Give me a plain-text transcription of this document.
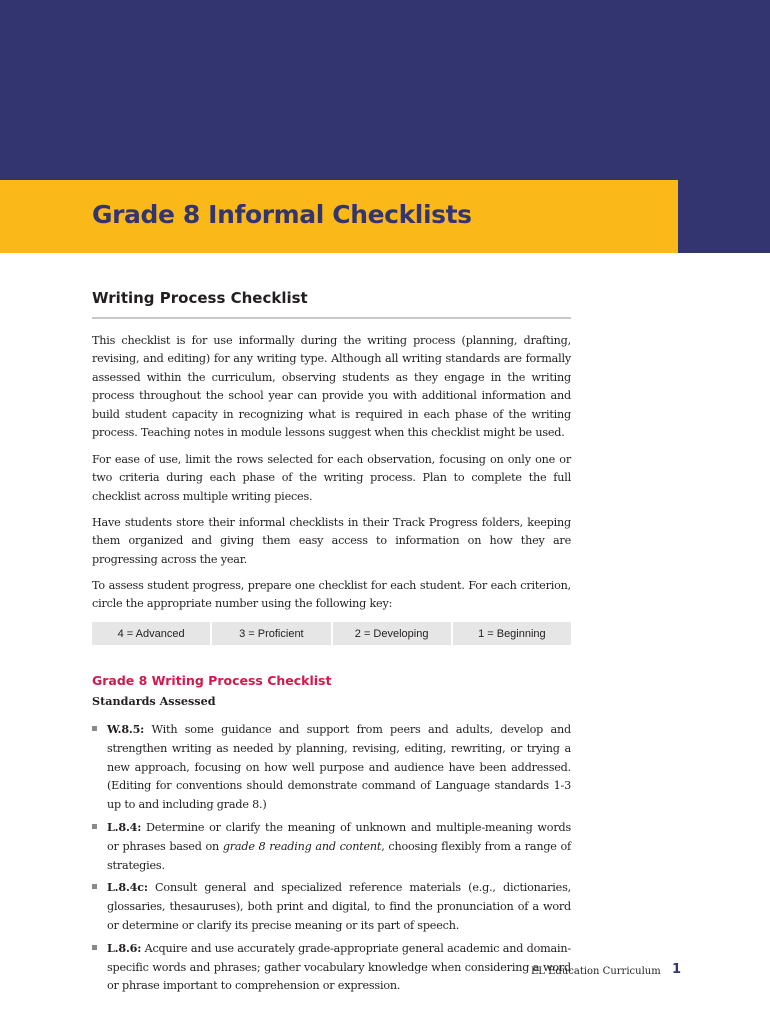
Grade 8 Informal Checklists
Writing Process Checklist

This checklist is for use informally during the writing process (planning, drafting, revising, and editing) for any writing type. Although all writing standards are formally assessed within the curriculum, observing students as they engage in the writing process throughout the school year can provide you with additional information and build student capacity in recognizing what is required in each phase of the writing process. Teaching notes in module lessons suggest when this checklist might be used.

For ease of use, limit the rows selected for each observation, focusing on only one or two criteria during each phase of the writing process. Plan to complete the full checklist across multiple writing pieces.

Have students store their informal checklists in their Track Progress folders, keeping them organized and giving them easy access to information on how they are progressing across the year.

To assess student progress, prepare one checklist for each student. For each criterion, circle the appropriate number using the following key:

4 = Advanced	3 = Proficient	2 = Developing	1 = Beginning
Grade 8 Writing Process Checklist

Standards Assessed

W.8.5: With some guidance and support from peers and adults, develop and strengthen writing as needed by planning, revising, editing, rewriting, or trying a new approach, focusing on how well purpose and audience have been addressed. (Editing for conventions should demonstrate command of Language standards 1-3 up to and including grade 8.)
L.8.4: Determine or clarify the meaning of unknown and multiple-meaning words or phrases based on grade 8 reading and content, choosing flexibly from a range of strategies.
L.8.4c: Consult general and specialized reference materials (e.g., dictionaries, glossaries, thesauruses), both print and digital, to find the pronunciation of a word or determine or clarify its precise meaning or its part of speech.
L.8.6: Acquire and use accurately grade-appropriate general academic and domain-specific words and phrases; gather vocabulary knowledge when considering a word or phrase important to comprehension or expression.
EL Education Curriculum 1
